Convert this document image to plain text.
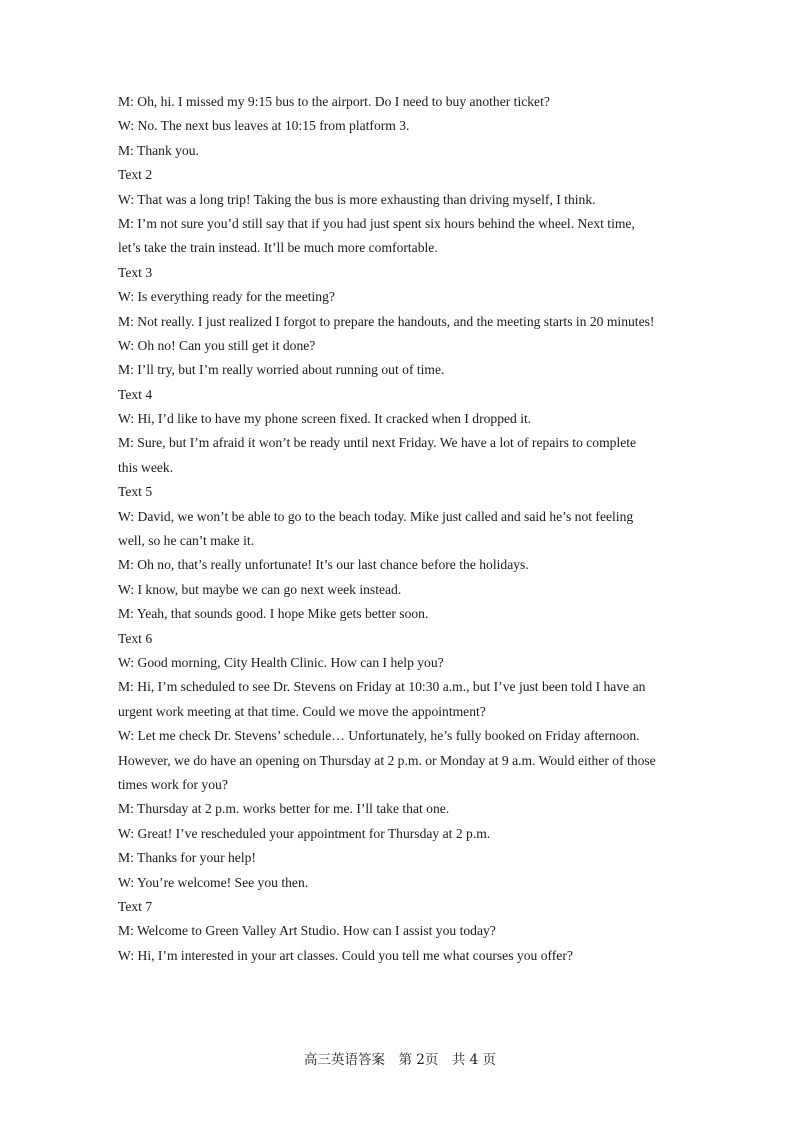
M: Oh, hi. I missed my 9:15 bus to the airport. Do I need to buy another ticket?
W: No. The next bus leaves at 10:15 from platform 3.
M: Thank you.
Text 2
W: That was a long trip! Taking the bus is more exhausting than driving myself, I think.
M: I’m not sure you’d still say that if you had just spent six hours behind the wheel. Next time,
let’s take the train instead. It’ll be much more comfortable.
Text 3
W: Is everything ready for the meeting?
M: Not really. I just realized I forgot to prepare the handouts, and the meeting starts in 20 minutes!
W: Oh no! Can you still get it done?
M: I’ll try, but I’m really worried about running out of time.
Text 4
W: Hi, I’d like to have my phone screen fixed. It cracked when I dropped it.
M: Sure, but I’m afraid it won’t be ready until next Friday. We have a lot of repairs to complete
this week.
Text 5
W: David, we won’t be able to go to the beach today. Mike just called and said he’s not feeling
well, so he can’t make it.
M: Oh no, that’s really unfortunate! It’s our last chance before the holidays.
W: I know, but maybe we can go next week instead.
M: Yeah, that sounds good. I hope Mike gets better soon.
Text 6
W: Good morning, City Health Clinic. How can I help you?
M: Hi, I’m scheduled to see Dr. Stevens on Friday at 10:30 a.m., but I’ve just been told I have an
urgent work meeting at that time. Could we move the appointment?
W: Let me check Dr. Stevens’ schedule… Unfortunately, he’s fully booked on Friday afternoon.
However, we do have an opening on Thursday at 2 p.m. or Monday at 9 a.m. Would either of those
times work for you?
M: Thursday at 2 p.m. works better for me. I’ll take that one.
W: Great! I’ve rescheduled your appointment for Thursday at 2 p.m.
M: Thanks for your help!
W: You’re welcome! See you then.
Text 7
M: Welcome to Green Valley Art Studio. How can I assist you today?
W: Hi, I’m interested in your art classes. Could you tell me what courses you offer?
高三英语答案　第 2页　共 4 页
